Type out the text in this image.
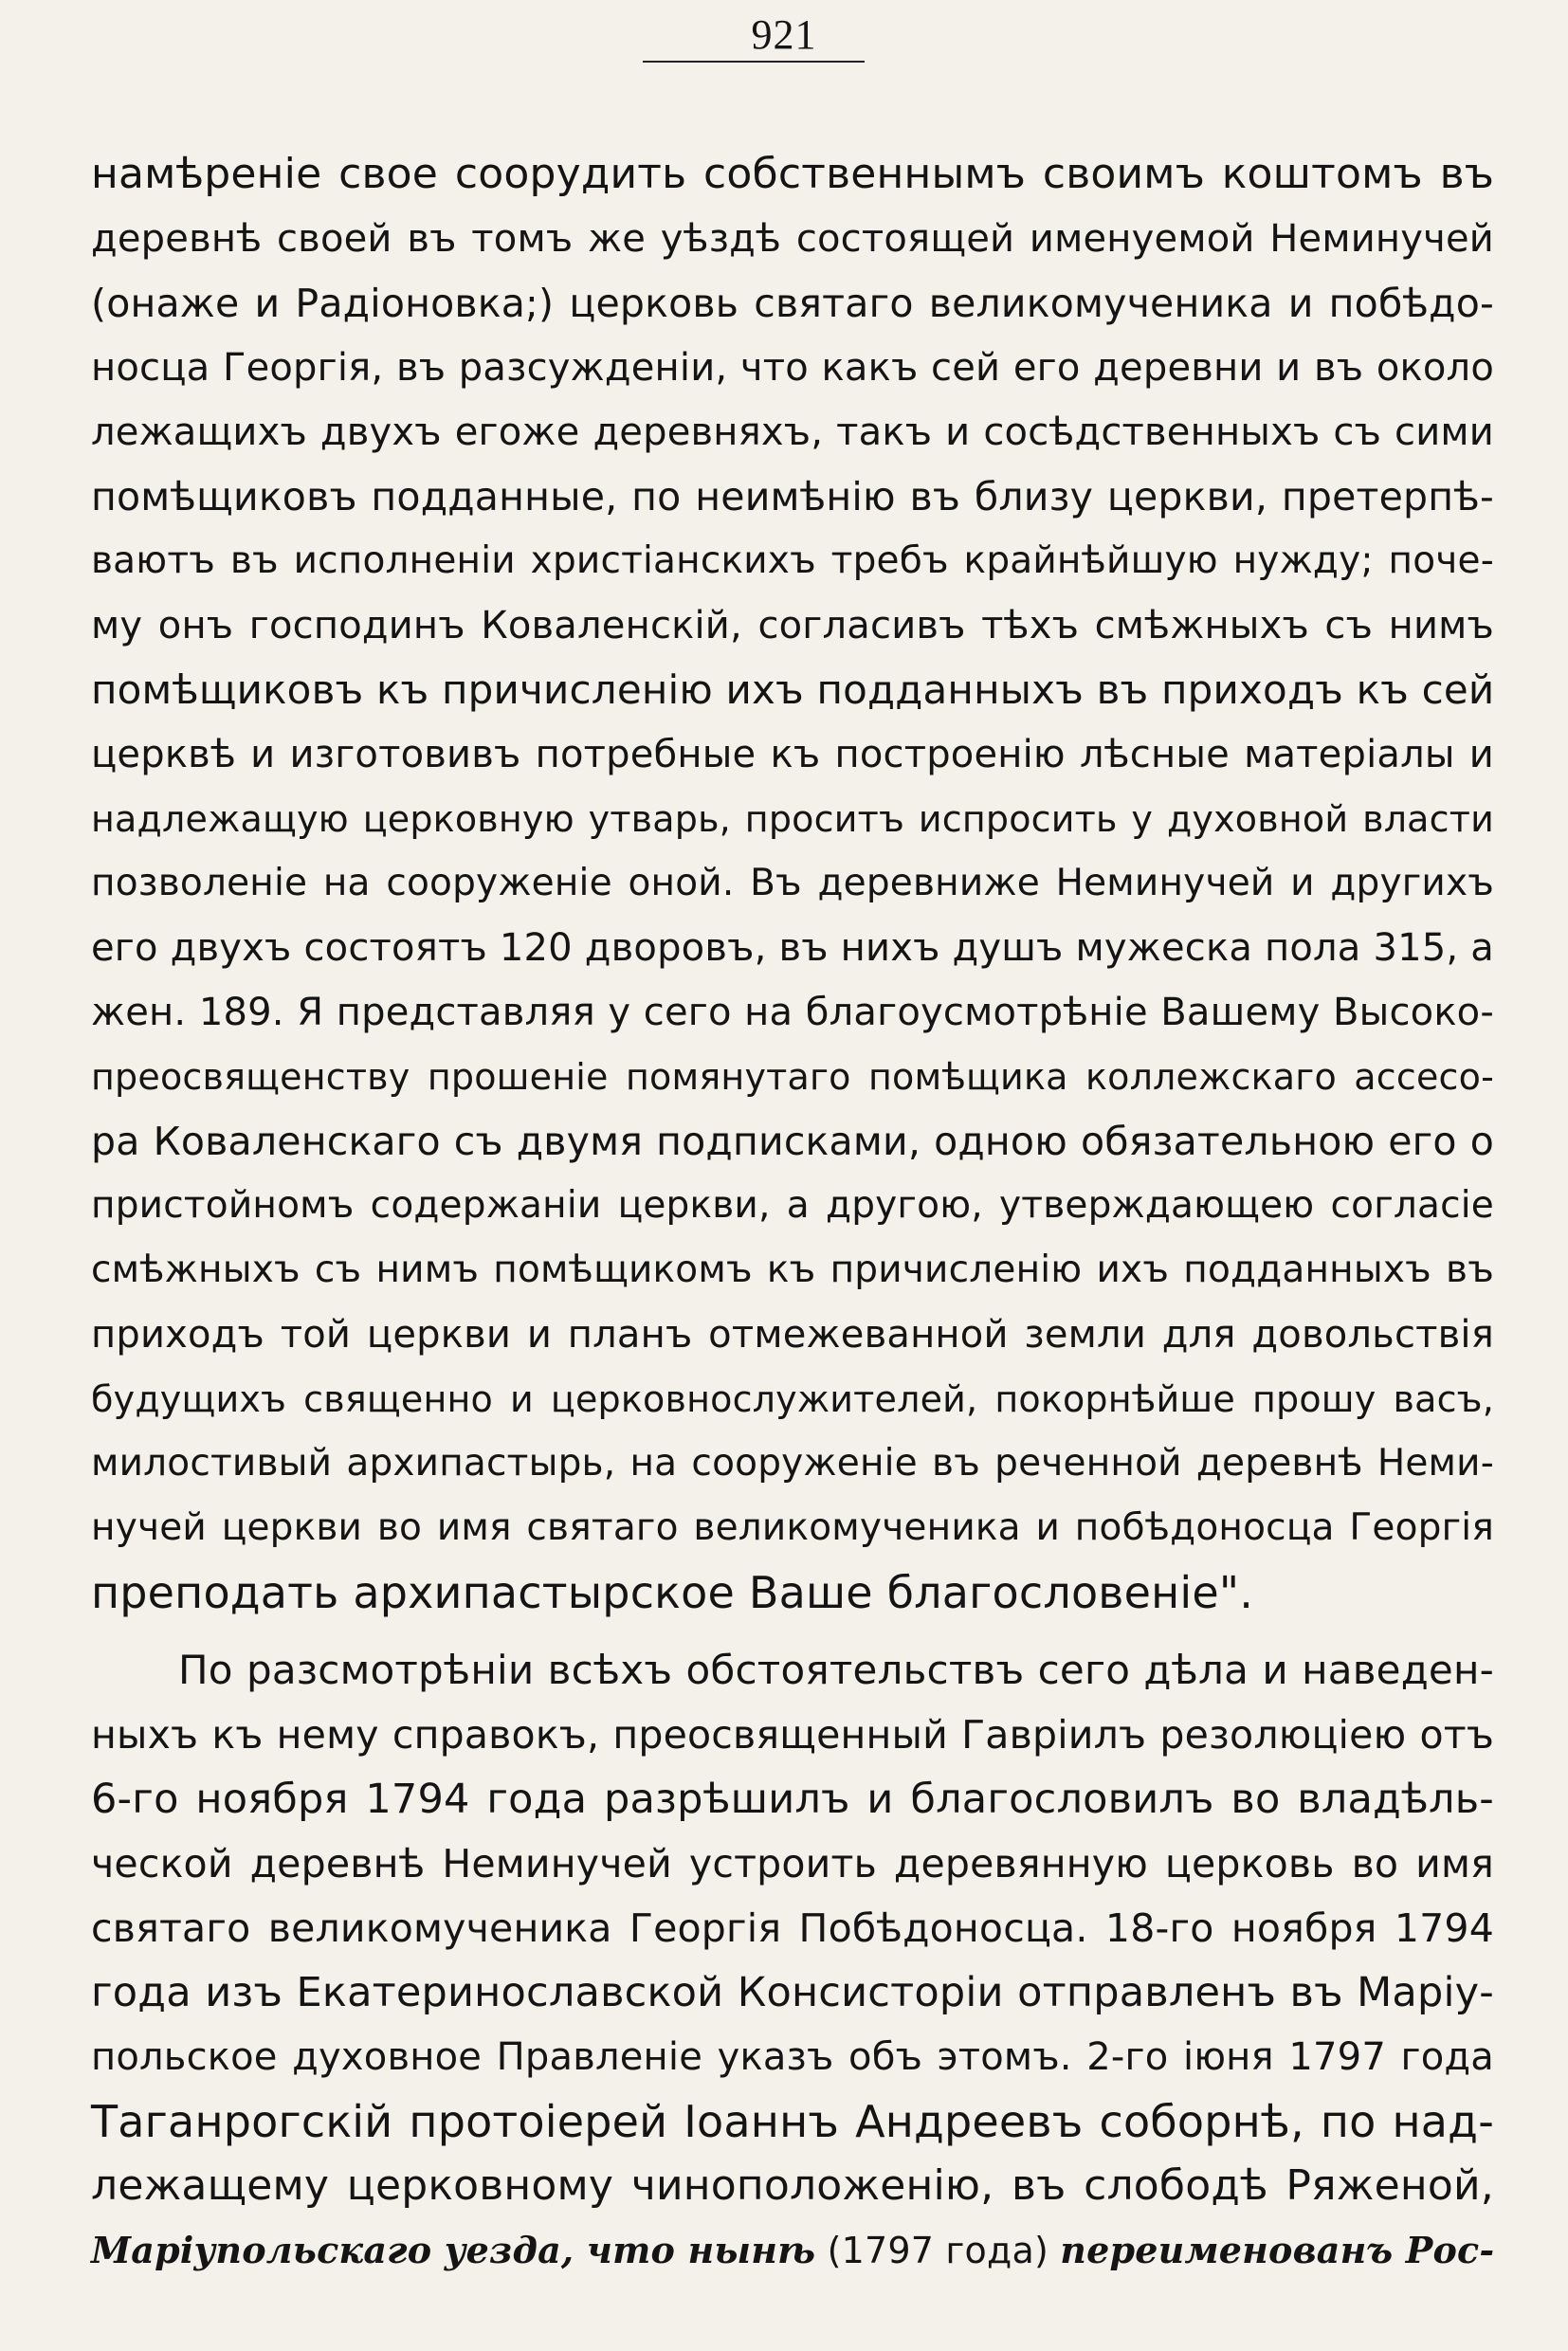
921
намѣреніе свое соорудить собственнымъ своимъ коштомъ въ
деревнѣ своей въ томъ же уѣздѣ состоящей именуемой Неминучей
(онаже и Радіоновка;) церковь святаго великомученика и побѣдо-
носца Георгія, въ разсужденіи, что какъ сей его деревни и въ около
лежащихъ двухъ егоже деревняхъ, такъ и сосѣдственныхъ съ сими
помѣщиковъ подданные, по неимѣнію въ близу церкви, претерпѣ-
ваютъ въ исполненіи христіанскихъ требъ крайнѣйшую нужду; поче-
му онъ господинъ Коваленскій, согласивъ тѣхъ смѣжныхъ съ нимъ
помѣщиковъ къ причисленію ихъ подданныхъ въ приходъ къ сей
церквѣ и изготовивъ потребные къ построенію лѣсные матеріалы и
надлежащую церковную утварь, проситъ испросить у духовной власти
позволеніе на сооруженіе оной. Въ деревниже Неминучей и другихъ
его двухъ состоятъ 120 дворовъ, въ нихъ душъ мужеска пола 315, а
жен. 189. Я представляя у сего на благоусмотрѣніе Вашему Высоко-
преосвященству прошеніе помянутаго помѣщика коллежскаго ассесо-
ра Коваленскаго съ двумя подписками, одною обязательною его о
пристойномъ содержаніи церкви, а другою, утверждающею согласіе
смѣжныхъ съ нимъ помѣщикомъ къ причисленію ихъ подданныхъ въ
приходъ той церкви и планъ отмежеванной земли для довольствія
будущихъ священно и церковнослужителей, покорнѣйше прошу васъ,
милостивый архипастырь, на сооруженіе въ реченной деревнѣ Неми-
нучей церкви во имя святаго великомученика и побѣдоносца Георгія
преподать архипастырское Ваше благословеніе".
По разсмотрѣніи всѣхъ обстоятельствъ сего дѣла и наведен-
ныхъ къ нему справокъ, преосвященный Гавріилъ резолюціею отъ
6-го ноября 1794 года разрѣшилъ и благословилъ во владѣль-
ческой деревнѣ Неминучей устроить деревянную церковь во имя
святаго великомученика Георгія Побѣдоносца. 18-го ноября 1794
года изъ Екатеринославской Консисторіи отправленъ въ Маріу-
польское духовное Правленіе указъ объ этомъ. 2-го іюня 1797 года
Таганрогскій протоіерей Іоаннъ Андреевъ соборнѣ, по над-
лежащему церковному чиноположенію, въ слободѣ Ряженой,
Маріупольскаго уезда, что нынѣ (1797 года) переименованъ Рос-
